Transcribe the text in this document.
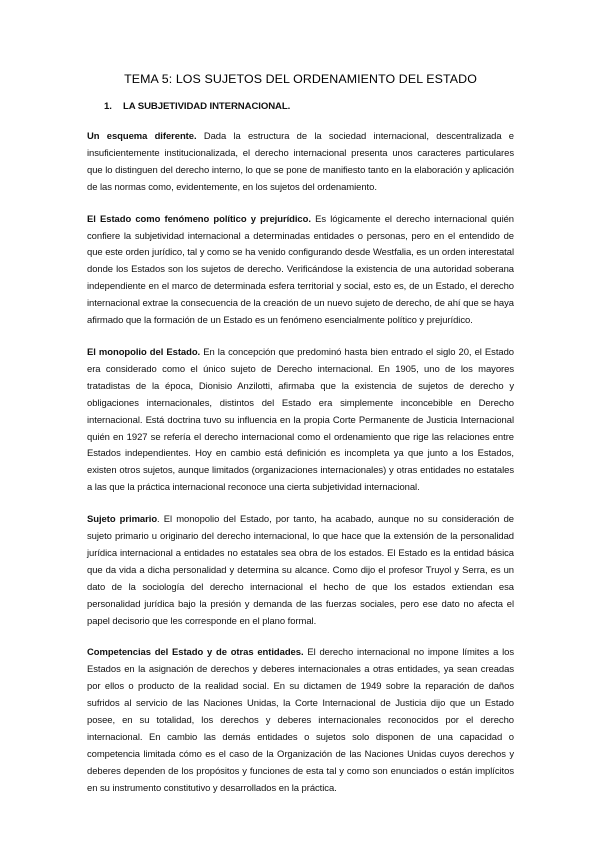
TEMA 5: LOS SUJETOS DEL ORDENAMIENTO DEL ESTADO
1. LA SUBJETIVIDAD INTERNACIONAL.

Un esquema diferente. Dada la estructura de la sociedad internacional, descentralizada e insuficientemente institucionalizada, el derecho internacional presenta unos caracteres particulares que lo distinguen del derecho interno, lo que se pone de manifiesto tanto en la elaboración y aplicación de las normas como, evidentemente, en los sujetos del ordenamiento.

El Estado como fenómeno político y prejurídico. Es lógicamente el derecho internacional quién confiere la subjetividad internacional a determinadas entidades o personas, pero en el entendido de que este orden jurídico, tal y como se ha venido configurando desde Westfalia, es un orden interestatal donde los Estados son los sujetos de derecho. Verificándose la existencia de una autoridad soberana independiente en el marco de determinada esfera territorial y social, esto es, de un Estado, el derecho internacional extrae la consecuencia de la creación de un nuevo sujeto de derecho, de ahí que se haya afirmado que la formación de un Estado es un fenómeno esencialmente político y prejurídico.

El monopolio del Estado. En la concepción que predominó hasta bien entrado el siglo 20, el Estado era considerado como el único sujeto de Derecho internacional. En 1905, uno de los mayores tratadistas de la época, Dionisio Anzilotti, afirmaba que la existencia de sujetos de derecho y obligaciones internacionales, distintos del Estado era simplemente inconcebible en Derecho internacional. Está doctrina tuvo su influencia en la propia Corte Permanente de Justicia Internacional quién en 1927 se refería el derecho internacional como el ordenamiento que rige las relaciones entre Estados independientes. Hoy en cambio está definición es incompleta ya que junto a los Estados, existen otros sujetos, aunque limitados (organizaciones internacionales) y otras entidades no estatales a las que la práctica internacional reconoce una cierta subjetividad internacional.

Sujeto primario. El monopolio del Estado, por tanto, ha acabado, aunque no su consideración de sujeto primario u originario del derecho internacional, lo que hace que la extensión de la personalidad jurídica internacional a entidades no estatales sea obra de los estados. El Estado es la entidad básica que da vida a dicha personalidad y determina su alcance. Como dijo el profesor Truyol y Serra, es un dato de la sociología del derecho internacional el hecho de que los estados extiendan esa personalidad jurídica bajo la presión y demanda de las fuerzas sociales, pero ese dato no afecta el papel decisorio que les corresponde en el plano formal.

Competencias del Estado y de otras entidades. El derecho internacional no impone límites a los Estados en la asignación de derechos y deberes internacionales a otras entidades, ya sean creadas por ellos o producto de la realidad social. En su dictamen de 1949 sobre la reparación de daños sufridos al servicio de las Naciones Unidas, la Corte Internacional de Justicia dijo que un Estado posee, en su totalidad, los derechos y deberes internacionales reconocidos por el derecho internacional. En cambio las demás entidades o sujetos solo disponen de una capacidad o competencia limitada cómo es el caso de la Organización de las Naciones Unidas cuyos derechos y deberes dependen de los propósitos y funciones de esta tal y como son enunciados o están implícitos en su instrumento constitutivo y desarrollados en la práctica.
